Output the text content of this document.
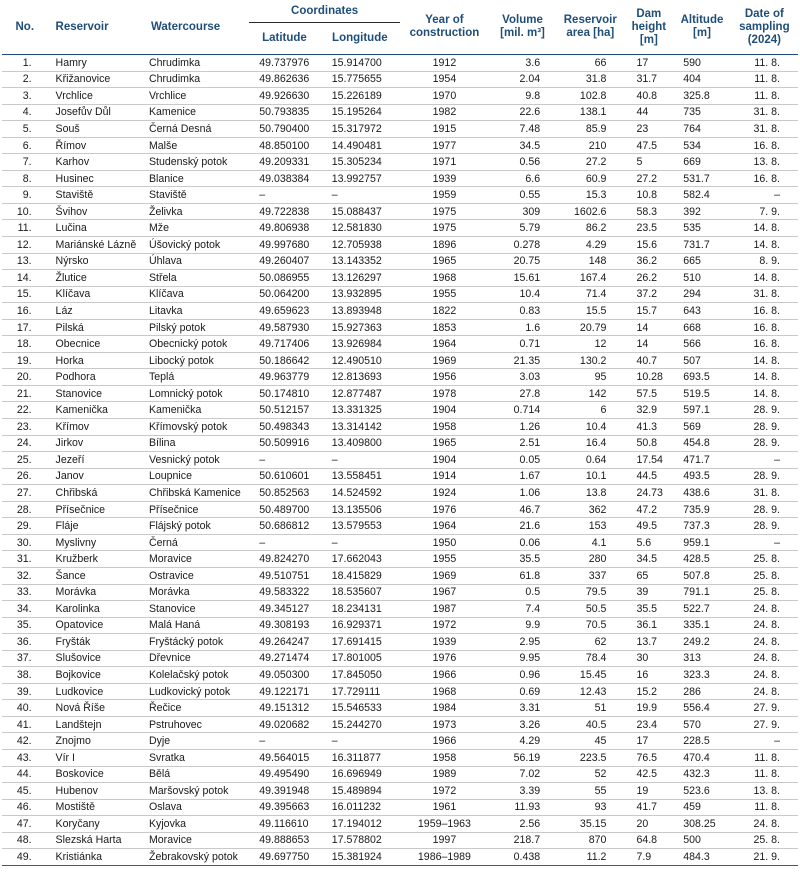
No.	Reservoir	Watercourse	Coordinates		Year of construction	Volume [mil. m³]	Reservoir area [ha]	Dam height [m]	Altitude [m]	Date of sampling (2024)
			Latitude	Longitude						
1.	Hamry	Chrudimka	49.737976	15.914700	1912	3.6	66	17	590	11. 8.
2.	Křižanovice	Chrudimka	49.862636	15.775655	1954	2.04	31.8	31.7	404	11. 8.
3.	Vrchlice	Vrchlice	49.926630	15.226189	1970	9.8	102.8	40.8	325.8	11. 8.
4.	Josefův Důl	Kamenice	50.793835	15.195264	1982	22.6	138.1	44	735	31. 8.
5.	Souš	Černá Desná	50.790400	15.317972	1915	7.48	85.9	23	764	31. 8.
6.	Římov	Malše	48.850100	14.490481	1977	34.5	210	47.5	534	16. 8.
7.	Karhov	Studenský potok	49.209331	15.305234	1971	0.56	27.2	5	669	13. 8.
8.	Husinec	Blanice	49.038384	13.992757	1939	6.6	60.9	27.2	531.7	16. 8.
9.	Staviště	Staviště	–	–	1959	0.55	15.3	10.8	582.4	–
10.	Švihov	Želivka	49.722838	15.088437	1975	309	1602.6	58.3	392	7. 9.
11.	Lučina	Mže	49.806938	12.581830	1975	5.79	86.2	23.5	535	14. 8.
12.	Mariánské Lázně	Úšovický potok	49.997680	12.705938	1896	0.278	4.29	15.6	731.7	14. 8.
13.	Nýrsko	Úhlava	49.260407	13.143352	1965	20.75	148	36.2	665	8. 9.
14.	Žlutice	Střela	50.086955	13.126297	1968	15.61	167.4	26.2	510	14. 8.
15.	Klíčava	Klíčava	50.064200	13.932895	1955	10.4	71.4	37.2	294	31. 8.
16.	Láz	Litavka	49.659623	13.893948	1822	0.83	15.5	15.7	643	16. 8.
17.	Pilská	Pilský potok	49.587930	15.927363	1853	1.6	20.79	14	668	16. 8.
18.	Obecnice	Obecnický potok	49.717406	13.926984	1964	0.71	12	14	566	16. 8.
19.	Horka	Libocký potok	50.186642	12.490510	1969	21.35	130.2	40.7	507	14. 8.
20.	Podhora	Teplá	49.963779	12.813693	1956	3.03	95	10.28	693.5	14. 8.
21.	Stanovice	Lomnický potok	50.174810	12.877487	1978	27.8	142	57.5	519.5	14. 8.
22.	Kamenička	Kamenička	50.512157	13.331325	1904	0.714	6	32.9	597.1	28. 9.
23.	Křímov	Křímovský potok	50.498343	13.314142	1958	1.26	10.4	41.3	569	28. 9.
24.	Jirkov	Bílina	50.509916	13.409800	1965	2.51	16.4	50.8	454.8	28. 9.
25.	Jezeří	Vesnický potok	–	–	1904	0.05	0.64	17.54	471.7	–
26.	Janov	Loupnice	50.610601	13.558451	1914	1.67	10.1	44.5	493.5	28. 9.
27.	Chřibská	Chřibská Kamenice	50.852563	14.524592	1924	1.06	13.8	24.73	438.6	31. 8.
28.	Přísečnice	Přísečnice	50.489700	13.135506	1976	46.7	362	47.2	735.9	28. 9.
29.	Fláje	Flájský potok	50.686812	13.579553	1964	21.6	153	49.5	737.3	28. 9.
30.	Myslivny	Černá	–	–	1950	0.06	4.1	5.6	959.1	–
31.	Kružberk	Moravice	49.824270	17.662043	1955	35.5	280	34.5	428.5	25. 8.
32.	Šance	Ostravice	49.510751	18.415829	1969	61.8	337	65	507.8	25. 8.
33.	Morávka	Morávka	49.583322	18.535607	1967	0.5	79.5	39	791.1	25. 8.
34.	Karolinka	Stanovice	49.345127	18.234131	1987	7.4	50.5	35.5	522.7	24. 8.
35.	Opatovice	Malá Haná	49.308193	16.929371	1972	9.9	70.5	36.1	335.1	24. 8.
36.	Fryšták	Fryštácký potok	49.264247	17.691415	1939	2.95	62	13.7	249.2	24. 8.
37.	Slušovice	Dřevnice	49.271474	17.801005	1976	9.95	78.4	30	313	24. 8.
38.	Bojkovice	Kolelačský potok	49.050300	17.845050	1966	0.96	15.45	16	323.3	24. 8.
39.	Ludkovice	Ludkovický potok	49.122171	17.729111	1968	0.69	12.43	15.2	286	24. 8.
40.	Nová Říše	Řečice	49.151312	15.546533	1984	3.31	51	19.9	556.4	27. 9.
41.	Landštejn	Pstruhovec	49.020682	15.244270	1973	3.26	40.5	23.4	570	27. 9.
42.	Znojmo	Dyje	–	–	1966	4.29	45	17	228.5	–
43.	Vír I	Svratka	49.564015	16.311877	1958	56.19	223.5	76.5	470.4	11. 8.
44.	Boskovice	Bělá	49.495490	16.696949	1989	7.02	52	42.5	432.3	11. 8.
45.	Hubenov	Maršovský potok	49.391948	15.489894	1972	3.39	55	19	523.6	13. 8.
46.	Mostiště	Oslava	49.395663	16.011232	1961	11.93	93	41.7	459	11. 8.
47.	Koryčany	Kyjovka	49.116610	17.194012	1959–1963	2.56	35.15	20	308.25	24. 8.
48.	Slezská Harta	Moravice	49.888653	17.578802	1997	218.7	870	64.8	500	25. 8.
49.	Kristiánka	Žebrakovský potok	49.697750	15.381924	1986–1989	0.438	11.2	7.9	484.3	21. 9.
